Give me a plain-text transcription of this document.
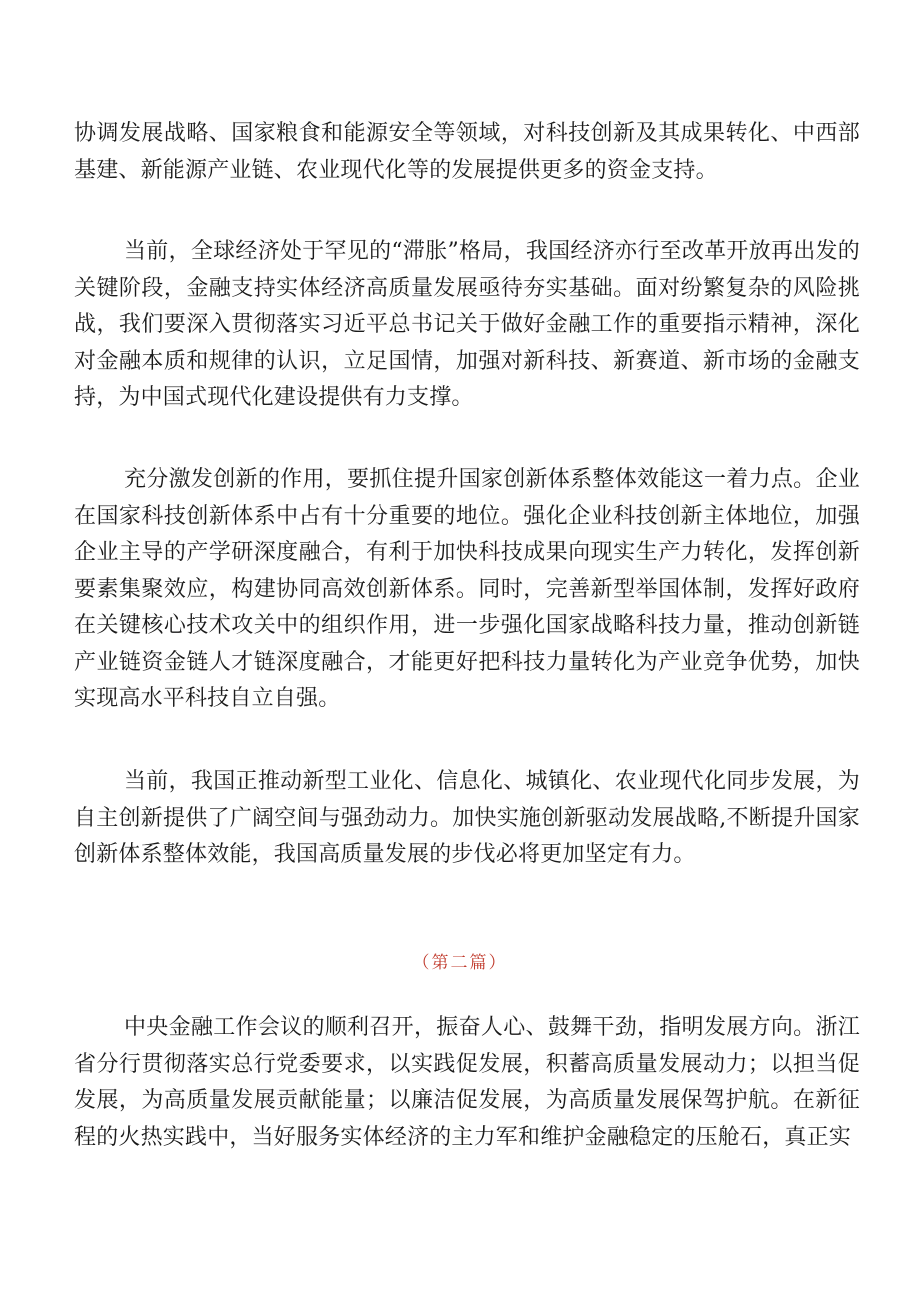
协调发展战略、国家粮食和能源安全等领域，对科技创新及其成果转化、中西部基建、新能源产业链、农业现代化等的发展提供更多的资金支持。

当前，全球经济处于罕见的“滞胀”格局，我国经济亦行至改革开放再出发的关键阶段，金融支持实体经济高质量发展亟待夯实基础。面对纷繁复杂的风险挑战，我们要深入贯彻落实习近平总书记关于做好金融工作的重要指示精神，深化对金融本质和规律的认识，立足国情，加强对新科技、新赛道、新市场的金融支持，为中国式现代化建设提供有力支撑。

充分激发创新的作用，要抓住提升国家创新体系整体效能这一着力点。企业在国家科技创新体系中占有十分重要的地位。强化企业科技创新主体地位，加强企业主导的产学研深度融合，有利于加快科技成果向现实生产力转化，发挥创新要素集聚效应，构建协同高效创新体系。同时，完善新型举国体制，发挥好政府在关键核心技术攻关中的组织作用，进一步强化国家战略科技力量，推动创新链产业链资金链人才链深度融合，才能更好把科技力量转化为产业竞争优势，加快实现高水平科技自立自强。

当前，我国正推动新型工业化、信息化、城镇化、农业现代化同步发展，为自主创新提供了广阔空间与强劲动力。加快实施创新驱动发展战略,不断提升国家创新体系整体效能，我国高质量发展的步伐必将更加坚定有力。

（第二篇）

中央金融工作会议的顺利召开，振奋人心、鼓舞干劲，指明发展方向。浙江省分行贯彻落实总行党委要求，以实践促发展，积蓄高质量发展动力；以担当促发展，为高质量发展贡献能量；以廉洁促发展，为高质量发展保驾护航。在新征程的火热实践中，当好服务实体经济的主力军和维护金融稳定的压舱石，真正实
